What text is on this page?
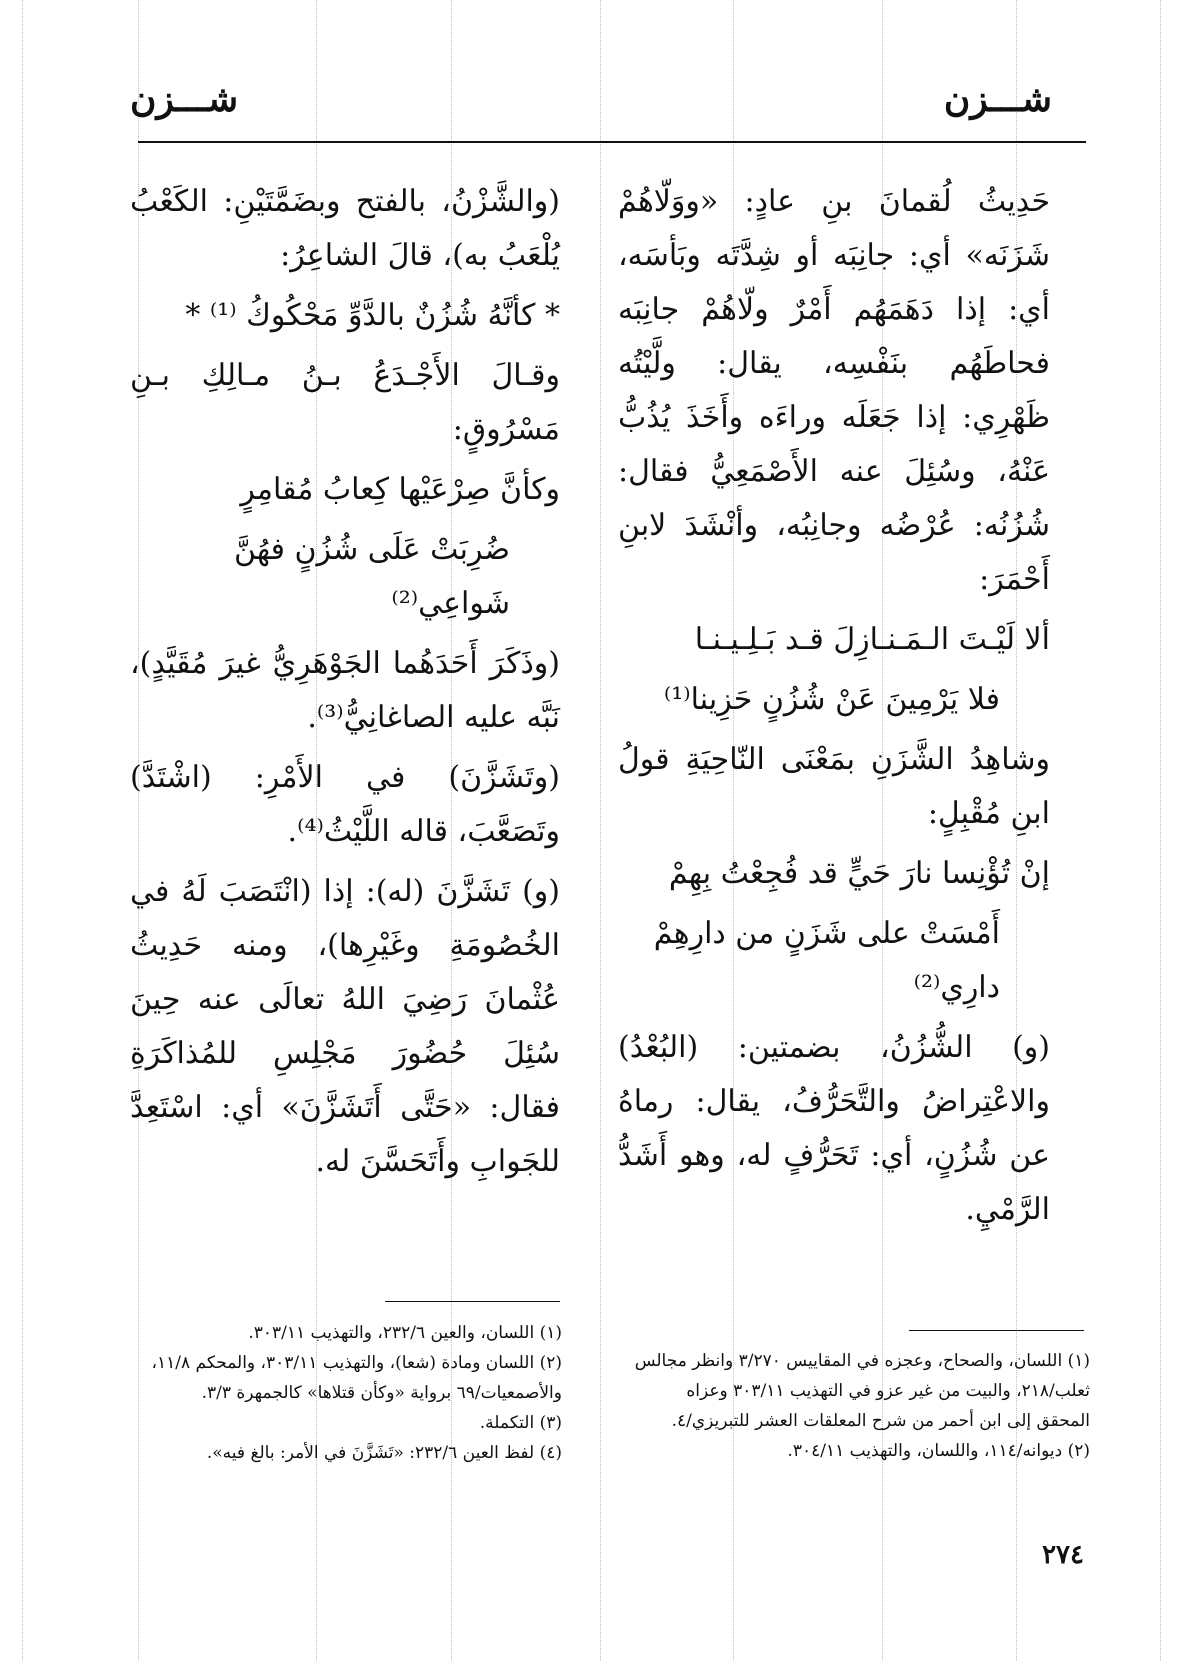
شـــزن
شـــزن

حَدِيثُ لُقمانَ بنِ عادٍ: «ووَلّاهُمْ شَزَنَه» أي: جانِبَه أو شِدَّتَه وبَأسَه، أي: إذا دَهَمَهُم أَمْرٌ ولّاهُمْ جانِبَه فحاطَهُم بنَفْسِه، يقال: ولَّيْتُه ظَهْرِي: إذا جَعَلَه وراءَه وأَخَذَ يُذُبُّ عَنْهُ، وسُئِلَ عنه الأَصْمَعِيُّ فقال: شُزُنُه: عُرْضُه وجانِبُه، وأنْشَدَ لابنِ أَحْمَرَ:

ألا لَيْـتَ الـمَـنـازِلَ قـد بَـلِـيـنـا

فلا يَرْمِينَ عَنْ شُزُنٍ حَزِينا⁽¹⁾

وشاهِدُ الشَّزَنِ بمَعْنَى النّاحِيَةِ قولُ ابنِ مُقْبِلٍ:

إنْ تُؤْنِسا نارَ حَيٍّ قد فُجِعْتُ بِهِمْ

أَمْسَتْ على شَزَنٍ من دارِهِمْ دارِي⁽²⁾

(و) الشُّزُنُ، بضمتين: (البُعْدُ) والاعْتِراضُ والتَّحَرُّفُ، يقال: رماهُ عن شُزُنٍ، أي: تَحَرُّفٍ له، وهو أَشَدُّ الرَّمْيِ.

(والشَّزْنُ، بالفتح وبضَمَّتَيْنِ: الكَعْبُ يُلْعَبُ به)، قالَ الشاعِرُ:

* كأنَّهُ شُزُنٌ بالدَّوِّ مَحْكُوكُ ⁽¹⁾ *

وقـالَ الأَجْـدَعُ بـنُ مـالِكِ بـنِ مَسْرُوقٍ:

وكأنَّ صِرْعَيْها كِعابُ مُقامِرٍ

ضُرِبَتْ عَلَى شُزُنٍ فهُنَّ شَواعِي⁽²⁾

(وذَكَرَ أَحَدَهُما الجَوْهَرِيُّ غيرَ مُقَيَّدٍ)، نَبَّه عليه الصاغانِيُّ⁽³⁾.

(وتَشَزَّنَ) في الأَمْرِ: (اشْتَدَّ) وتَصَعَّبَ، قاله اللَّيْثُ⁽⁴⁾.

(و) تَشَزَّنَ (له): إذا (انْتَصَبَ لَهُ في الخُصُومَةِ وغَيْرِها)، ومنه حَدِيثُ عُثْمانَ رَضِيَ اللهُ تعالَى عنه حِينَ سُئِلَ حُضُورَ مَجْلِسِ للمُذاكَرَةِ فقال: «حَتَّى أَتَشَزَّنَ» أي: اسْتَعِدَّ للجَوابِ وأَتَحَسَّنَ له.

(١) اللسان، والصحاح، وعجزه في المقاييس ٣/٢٧٠ وانظر مجالس ثعلب/٢١٨، والبيت من غير عزو في التهذيب ٣٠٣/١١ وعزاه المحقق إلى ابن أحمر من شرح المعلقات العشر للتبريزي/٤.

(٢) ديوانه/١١٤، واللسان، والتهذيب ٣٠٤/١١.

(١) اللسان، والعين ٢٣٢/٦، والتهذيب ٣٠٣/١١.

(٢) اللسان ومادة (شعا)، والتهذيب ٣٠٣/١١، والمحكم ١١/٨، والأصمعيات/٦٩ برواية «وكأن قتلاها» كالجمهرة ٣/٣.

(٣) التكملة.

(٤) لفظ العين ٢٣٢/٦: «تَشَزَّنَ في الأمر: بالغ فيه».

٢٧٤
